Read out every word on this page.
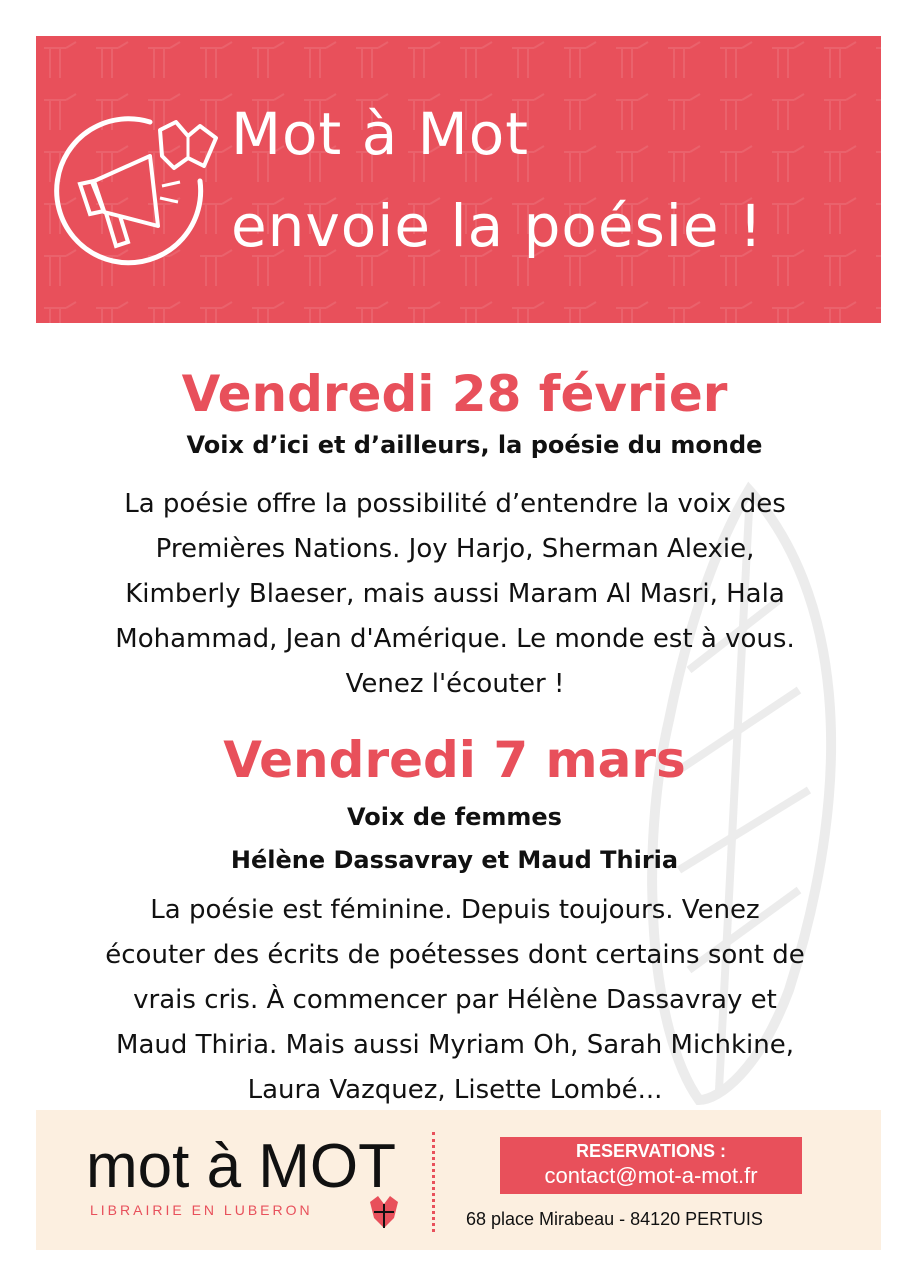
Mot à Mot
envoie la poésie !
Vendredi 28 février
Voix d’ici et d’ailleurs, la poésie du monde
La poésie offre la possibilité d’entendre la voix des
Premières Nations. Joy Harjo, Sherman Alexie,
Kimberly Blaeser, mais aussi Maram Al Masri, Hala
Mohammad, Jean d'Amérique. Le monde est à vous.
Venez l'écouter !
Vendredi 7 mars
Voix de femmes
Hélène Dassavray et Maud Thiria
La poésie est féminine. Depuis toujours. Venez
écouter des écrits de poétesses dont certains sont de
vrais cris. À commencer par Hélène Dassavray et
Maud Thiria. Mais aussi Myriam Oh, Sarah Michkine,
Laura Vazquez, Lisette Lombé...
mot à MOT
LIBRAIRIE EN LUBERON
RESERVATIONS :
contact@mot-a-mot.fr
68 place Mirabeau - 84120 PERTUIS
